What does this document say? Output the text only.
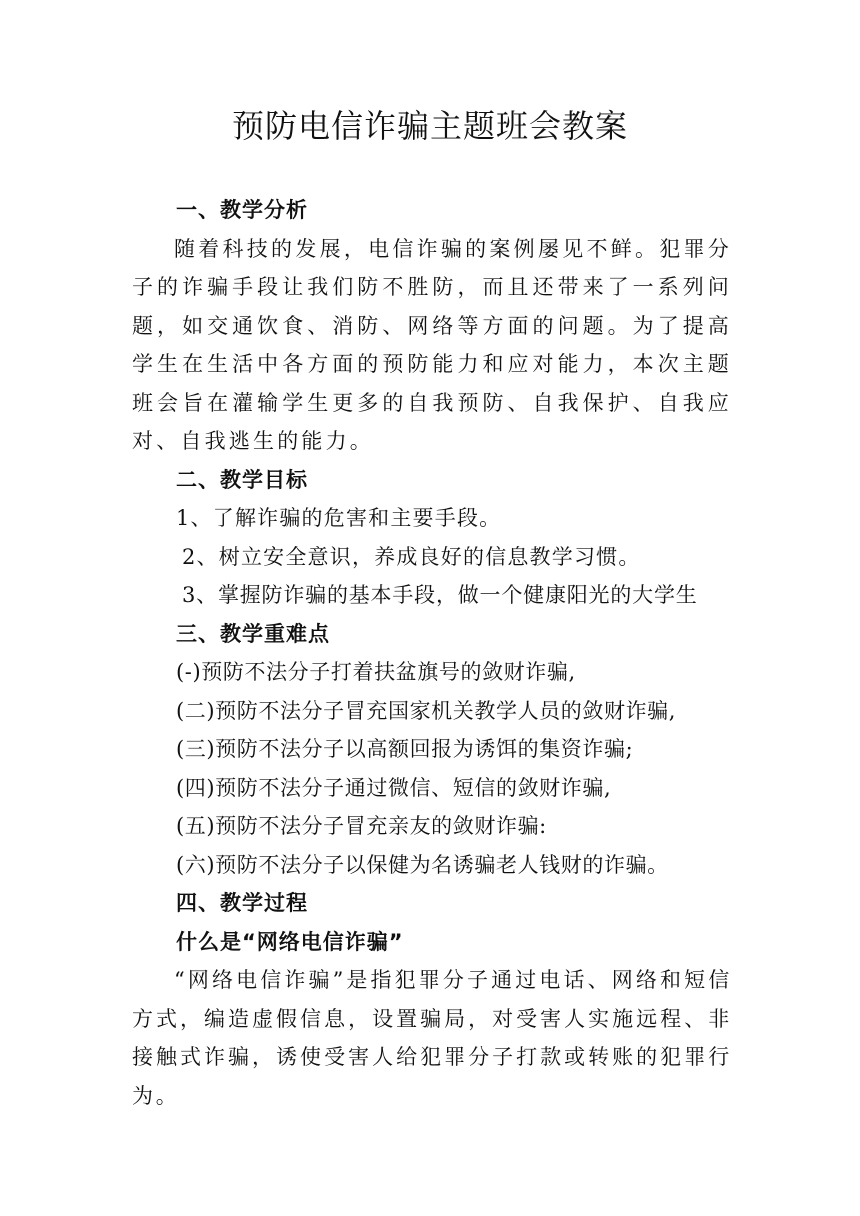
预防电信诈骗主题班会教案
一、教学分析
随着科技的发展，电信诈骗的案例屡见不鲜。犯罪分子的诈骗手段让我们防不胜防，而且还带来了一系列问题，如交通饮食、消防、网络等方面的问题。为了提高学生在生活中各方面的预防能力和应对能力，本次主题班会旨在灌输学生更多的自我预防、自我保护、自我应对、自我逃生的能力。
二、教学目标
1、了解诈骗的危害和主要手段。
2、树立安全意识，养成良好的信息教学习惯。
3、掌握防诈骗的基本手段，做一个健康阳光的大学生
三、教学重难点
(-)预防不法分子打着扶盆旗号的敛财诈骗,
(二)预防不法分子冒充国家机关教学人员的敛财诈骗,
(三)预防不法分子以高额回报为诱饵的集资诈骗;
(四)预防不法分子通过微信、短信的敛财诈骗,
(五)预防不法分子冒充亲友的敛财诈骗:
(六)预防不法分子以保健为名诱骗老人钱财的诈骗。
四、教学过程
什么是“网络电信诈骗”
“网络电信诈骗”是指犯罪分子通过电话、网络和短信方式，编造虚假信息，设置骗局，对受害人实施远程、非接触式诈骗，诱使受害人给犯罪分子打款或转账的犯罪行为。
